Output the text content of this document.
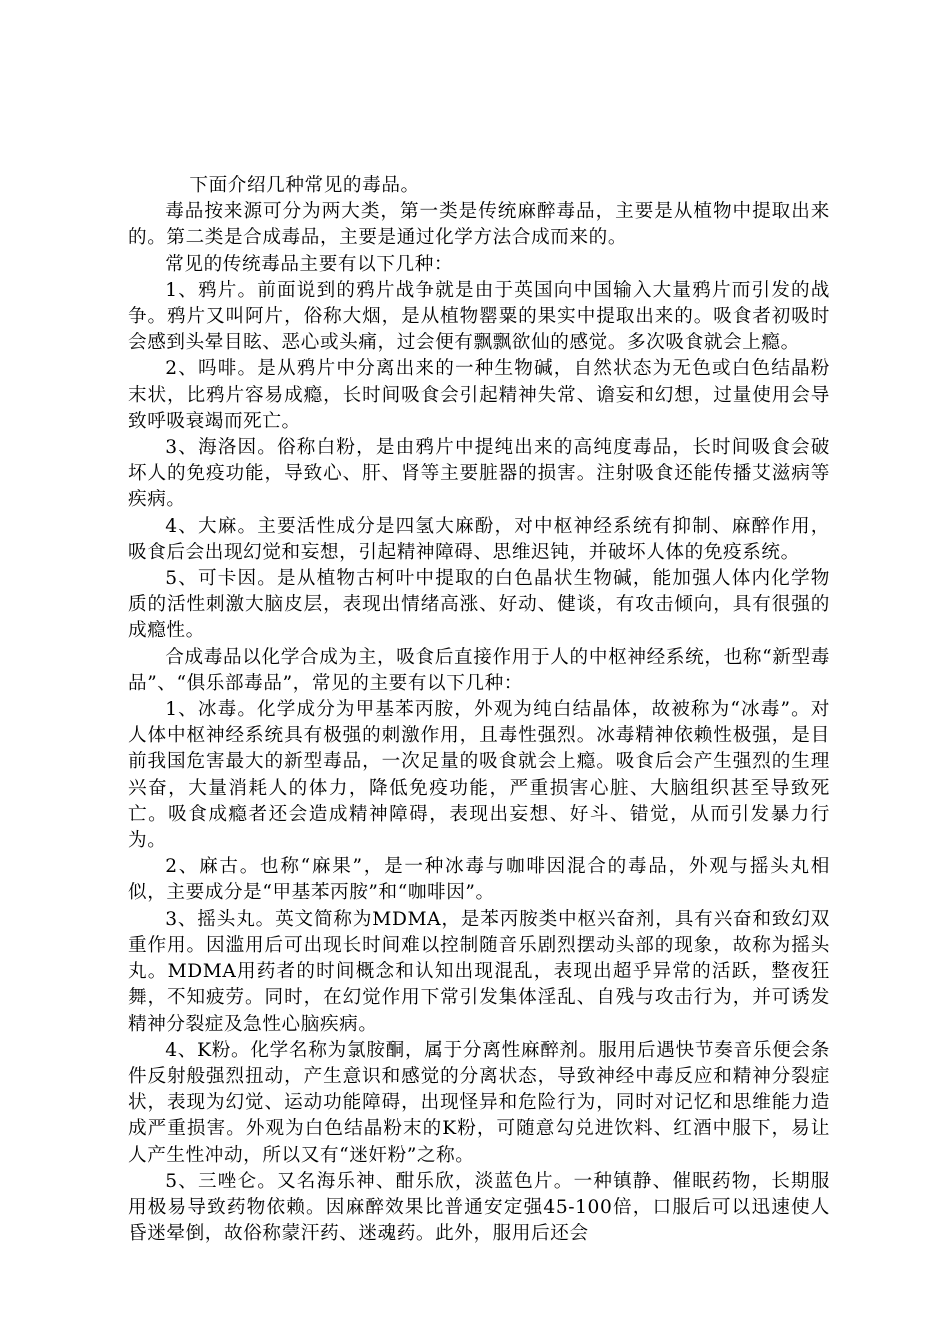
下面介绍几种常见的毒品。

毒品按来源可分为两大类，第一类是传统麻醉毒品，主要是从植物中提取出来的。第二类是合成毒品，主要是通过化学方法合成而来的。

常见的传统毒品主要有以下几种：

1、鸦片。前面说到的鸦片战争就是由于英国向中国输入大量鸦片而引发的战争。鸦片又叫阿片，俗称大烟，是从植物罂粟的果实中提取出来的。吸食者初吸时会感到头晕目眩、恶心或头痛，过会便有飘飘欲仙的感觉。多次吸食就会上瘾。

2、吗啡。是从鸦片中分离出来的一种生物碱，自然状态为无色或白色结晶粉末状，比鸦片容易成瘾，长时间吸食会引起精神失常、谵妄和幻想，过量使用会导致呼吸衰竭而死亡。

3、海洛因。俗称白粉，是由鸦片中提纯出来的高纯度毒品，长时间吸食会破坏人的免疫功能，导致心、肝、肾等主要脏器的损害。注射吸食还能传播艾滋病等疾病。

4、大麻。主要活性成分是四氢大麻酚，对中枢神经系统有抑制、麻醉作用，吸食后会出现幻觉和妄想，引起精神障碍、思维迟钝，并破坏人体的免疫系统。

5、可卡因。是从植物古柯叶中提取的白色晶状生物碱，能加强人体内化学物质的活性刺激大脑皮层，表现出情绪高涨、好动、健谈，有攻击倾向，具有很强的成瘾性。

合成毒品以化学合成为主，吸食后直接作用于人的中枢神经系统，也称“新型毒品”、“俱乐部毒品”，常见的主要有以下几种：

1、冰毒。化学成分为甲基苯丙胺，外观为纯白结晶体，故被称为“冰毒”。对人体中枢神经系统具有极强的刺激作用，且毒性强烈。冰毒精神依赖性极强，是目前我国危害最大的新型毒品，一次足量的吸食就会上瘾。吸食后会产生强烈的生理兴奋，大量消耗人的体力，降低免疫功能，严重损害心脏、大脑组织甚至导致死亡。吸食成瘾者还会造成精神障碍，表现出妄想、好斗、错觉，从而引发暴力行为。

2、麻古。也称“麻果”，是一种冰毒与咖啡因混合的毒品，外观与摇头丸相似，主要成分是“甲基苯丙胺”和“咖啡因”。

3、摇头丸。英文简称为MDMA，是苯丙胺类中枢兴奋剂，具有兴奋和致幻双重作用。因滥用后可出现长时间难以控制随音乐剧烈摆动头部的现象，故称为摇头丸。MDMA用药者的时间概念和认知出现混乱，表现出超乎异常的活跃，整夜狂舞，不知疲劳。同时，在幻觉作用下常引发集体淫乱、自残与攻击行为，并可诱发精神分裂症及急性心脑疾病。

4、K粉。化学名称为氯胺酮，属于分离性麻醉剂。服用后遇快节奏音乐便会条件反射般强烈扭动，产生意识和感觉的分离状态，导致神经中毒反应和精神分裂症状，表现为幻觉、运动功能障碍，出现怪异和危险行为，同时对记忆和思维能力造成严重损害。外观为白色结晶粉末的K粉，可随意勾兑进饮料、红酒中服下，易让人产生性冲动，所以又有“迷奸粉”之称。

5、三唑仑。又名海乐神、酣乐欣，淡蓝色片。一种镇静、催眠药物，长期服用极易导致药物依赖。因麻醉效果比普通安定强45-100倍，口服后可以迅速使人昏迷晕倒，故俗称蒙汗药、迷魂药。此外，服用后还会
